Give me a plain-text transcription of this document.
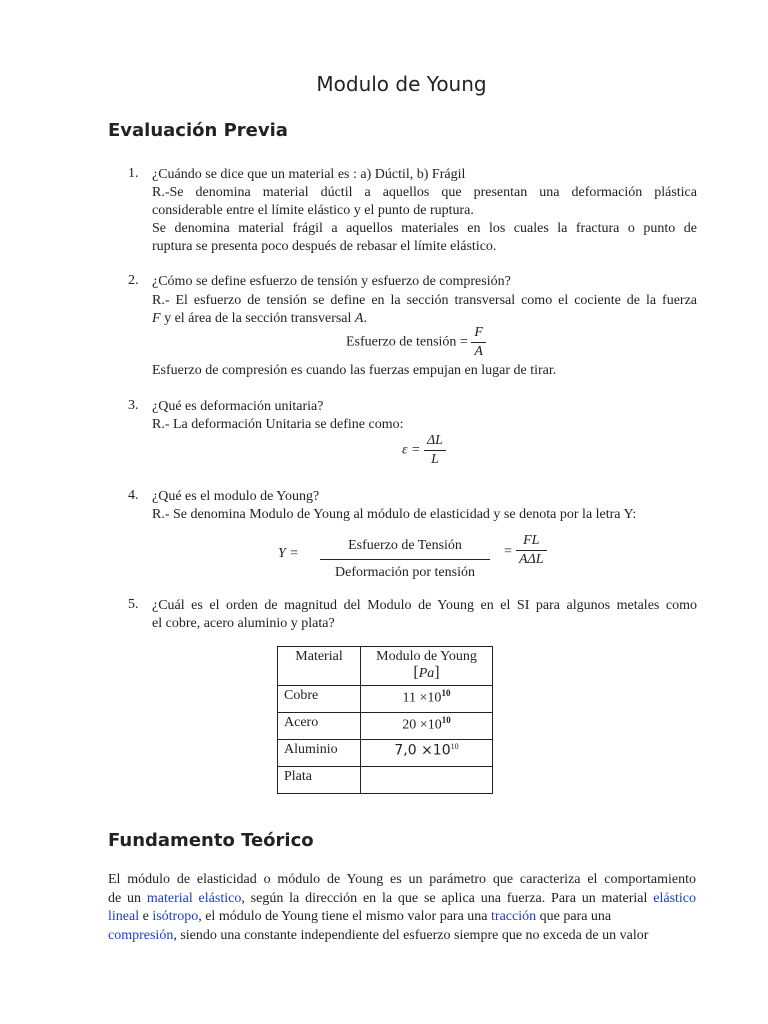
Modulo de Young
Evaluación Previa
1. ¿Cuándo se dice que un material es : a) Dúctil, b) Frágil
R.-Se denomina material dúctil a aquellos que presentan una deformación plástica
considerable entre el límite elástico y el punto de ruptura.
Se denomina material frágil a aquellos materiales en los cuales la fractura o punto de
ruptura se presenta poco después de rebasar el límite elástico.
2. ¿Cómo se define esfuerzo de tensión y esfuerzo de compresión?
R.- El esfuerzo de tensión se define en la sección transversal como el cociente de la fuerza
F y el área de la sección transversal A.
Esfuerzo de tensión = $\frac{F}{A}$
Esfuerzo de compresión es cuando las fuerzas empujan en lugar de tirar.
3. ¿Qué es deformación unitaria?
R.- La deformación Unitaria se define como:
$\varepsilon = \frac{\Delta L}{L}$
4. ¿Qué es el modulo de Young?
R.- Se denomina Modulo de Young al módulo de elasticidad y se denota por la letra Y:
Y =
Esfuerzo de Tensión
Deformación por tensión
= $\frac{FL}{\text{AΔL}}$
5. ¿Cuál es el orden de magnitud del Modulo de Young en el SI para algunos metales como
el cobre, acero aluminio y plata?
Material	Modulo de Young
[Pa]
Cobre	$11 \times 10^{10}$
Acero	$20 \times 10^{10}$
Aluminio	$7,0 \times 10^{10}$
Plata	
Fundamento Teórico
El módulo de elasticidad o módulo de Young es un parámetro que caracteriza el comportamiento
de un material elástico, según la dirección en la que se aplica una fuerza. Para un material elástico
lineal e isótropo, el módulo de Young tiene el mismo valor para una tracción que para una
compresión, siendo una constante independiente del esfuerzo siempre que no exceda de un valor
